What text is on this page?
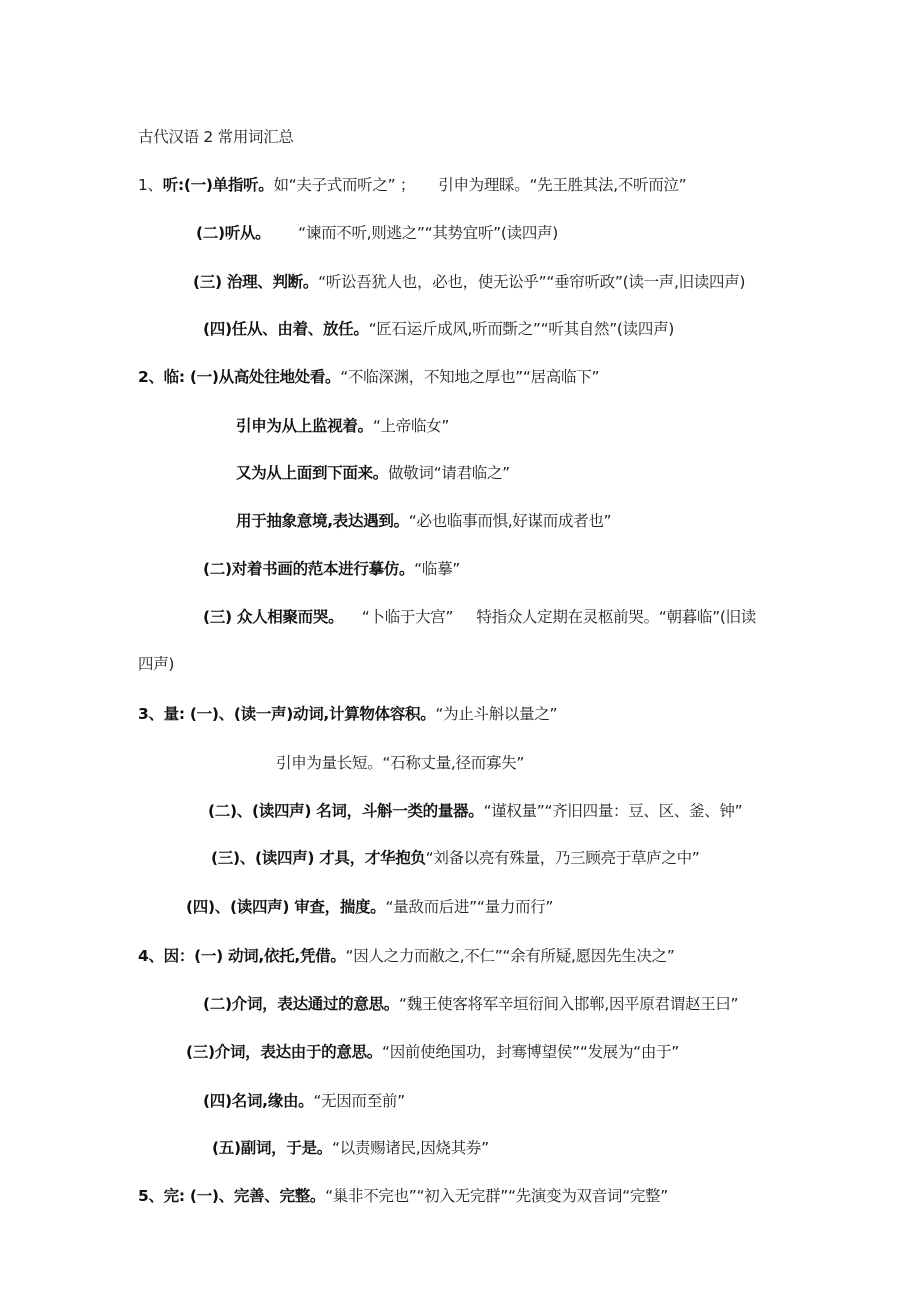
古代汉语 2 常用词汇总
1、听:(一)单指听。如“夫子式而听之” ；     引申为理睬。“先王胜其法,不听而泣”
(二)听从。      “谏而不听,则逃之”“其势宜听”(读四声)
(三) 治理、判断。“听讼吾犹人也，必也，使无讼乎”“垂帘听政”(读一声,旧读四声)
(四)任从、由着、放任。“匠石运斤成风,听而斲之”“听其自然”(读四声)
2、临: (一)从高处往地处看。“不临深渊，不知地之厚也”“居高临下”
引申为从上监视着。“上帝临女”
又为从上面到下面来。做敬词“请君临之”
用于抽象意境,表达遇到。“必也临事而惧,好谋而成者也”
(二)对着书画的范本进行摹仿。“临摹”
(三) 众人相聚而哭。    “卜临于大宫”     特指众人定期在灵柩前哭。“朝暮临”(旧读
四声)
3、量: (一)、(读一声)动词,计算物体容积。“为止斗斛以量之”
引申为量长短。“石称丈量,径而寡失”
(二)、(读四声) 名词，斗斛一类的量器。“谨权量”“齐旧四量：豆、区、釜、钟”
(三)、(读四声) 才具，才华抱负“刘备以亮有殊量，乃三顾亮于草庐之中”
(四)、(读四声) 审查，揣度。“量敌而后进”“量力而行”
4、因：(一) 动词,依托,凭借。“因人之力而敝之,不仁”“余有所疑,愿因先生决之”
(二)介词，表达通过的意思。“魏王使客将军辛垣衍间入邯郸,因平原君谓赵王曰”
(三)介词，表达由于的意思。“因前使绝国功，封骞博望侯”“发展为“由于”
(四)名词,缘由。“无因而至前”
(五)副词，于是。“以责赐诸民,因烧其券”
5、完: (一)、完善、完整。“巢非不完也”“初入无完群”“先演变为双音词“完整”
